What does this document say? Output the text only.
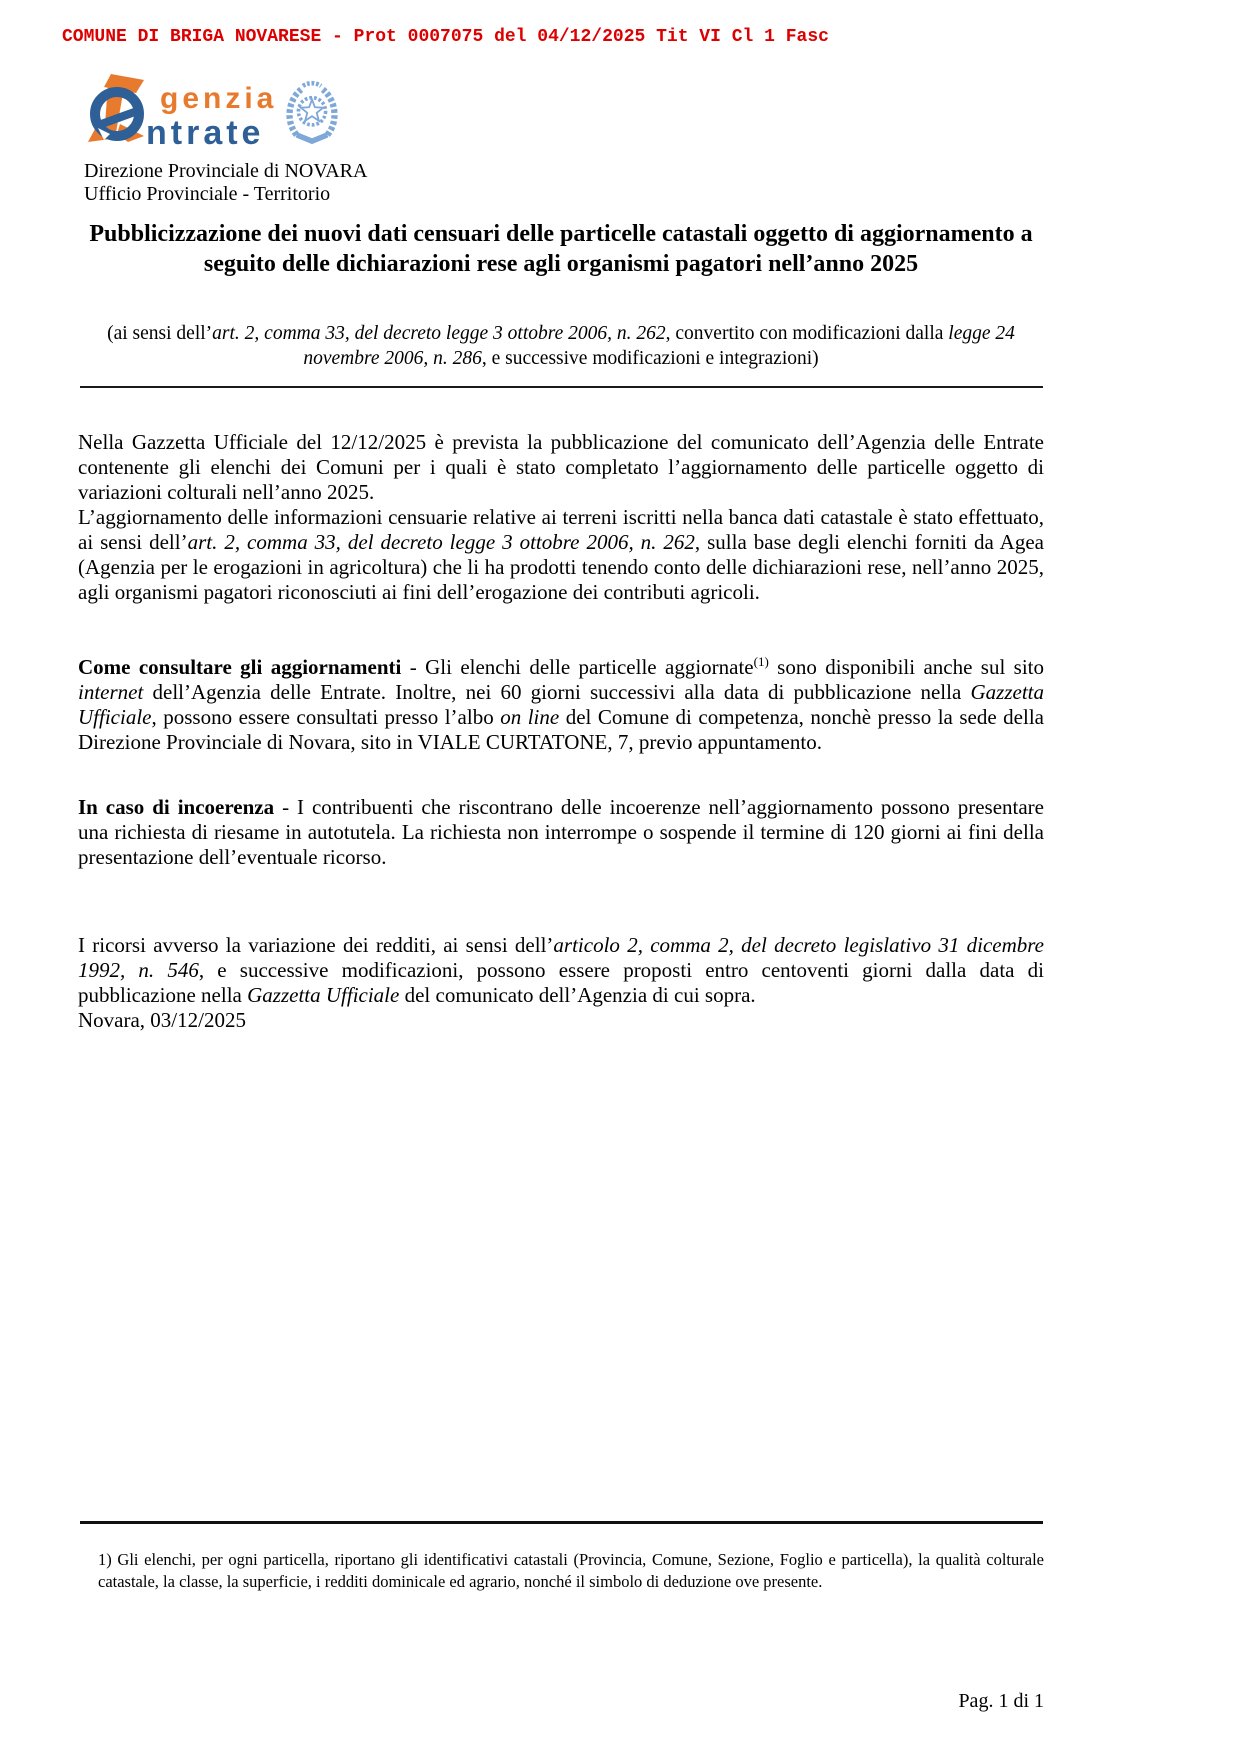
COMUNE DI BRIGA NOVARESE - Prot 0007075 del 04/12/2025 Tit VI Cl 1 Fasc
genzia
ntrate
Direzione Provinciale di NOVARA
Ufficio Provinciale - Territorio
Pubblicizzazione dei nuovi dati censuari delle particelle catastali oggetto di aggiornamento a seguito delle dichiarazioni rese agli organismi pagatori nell’anno 2025
(ai sensi dell’art. 2, comma 33, del decreto legge 3 ottobre 2006, n. 262, convertito con modificazioni dalla legge 24 novembre 2006, n. 286, e successive modificazioni e integrazioni)

Nella Gazzetta Ufficiale del 12/12/2025 è prevista la pubblicazione del comunicato dell’Agenzia delle Entrate contenente gli elenchi dei Comuni per i quali è stato completato l’aggiornamento delle particelle oggetto di variazioni colturali nell’anno 2025.

L’aggiornamento delle informazioni censuarie relative ai terreni iscritti nella banca dati catastale è stato effettuato, ai sensi dell’art. 2, comma 33, del decreto legge 3 ottobre 2006, n. 262, sulla base degli elenchi forniti da Agea (Agenzia per le erogazioni in agricoltura) che li ha prodotti tenendo conto delle dichiarazioni rese, nell’anno 2025, agli organismi pagatori riconosciuti ai fini dell’erogazione dei contributi agricoli.

Come consultare gli aggiornamenti - Gli elenchi delle particelle aggiornate$^{(1)}$ sono disponibili anche sul sito internet dell’Agenzia delle Entrate. Inoltre, nei 60 giorni successivi alla data di pubblicazione nella Gazzetta Ufficiale, possono essere consultati presso l’albo on line del Comune di competenza, nonchè presso la sede della Direzione Provinciale di Novara, sito in VIALE CURTATONE, 7, previo appuntamento.

In caso di incoerenza - I contribuenti che riscontrano delle incoerenze nell’aggiornamento possono presentare una richiesta di riesame in autotutela. La richiesta non interrompe o sospende il termine di 120 giorni ai fini della presentazione dell’eventuale ricorso.

I ricorsi avverso la variazione dei redditi, ai sensi dell’articolo 2, comma 2, del decreto legislativo 31 dicembre 1992, n. 546, e successive modificazioni, possono essere proposti entro centoventi giorni dalla data di pubblicazione nella Gazzetta Ufficiale del comunicato dell’Agenzia di cui sopra.

Novara, 03/12/2025

1) Gli elenchi, per ogni particella, riportano gli identificativi catastali (Provincia, Comune, Sezione, Foglio e particella), la qualità colturale catastale, la classe, la superficie, i redditi dominicale ed agrario, nonché il simbolo di deduzione ove presente.
Pag. 1 di 1
